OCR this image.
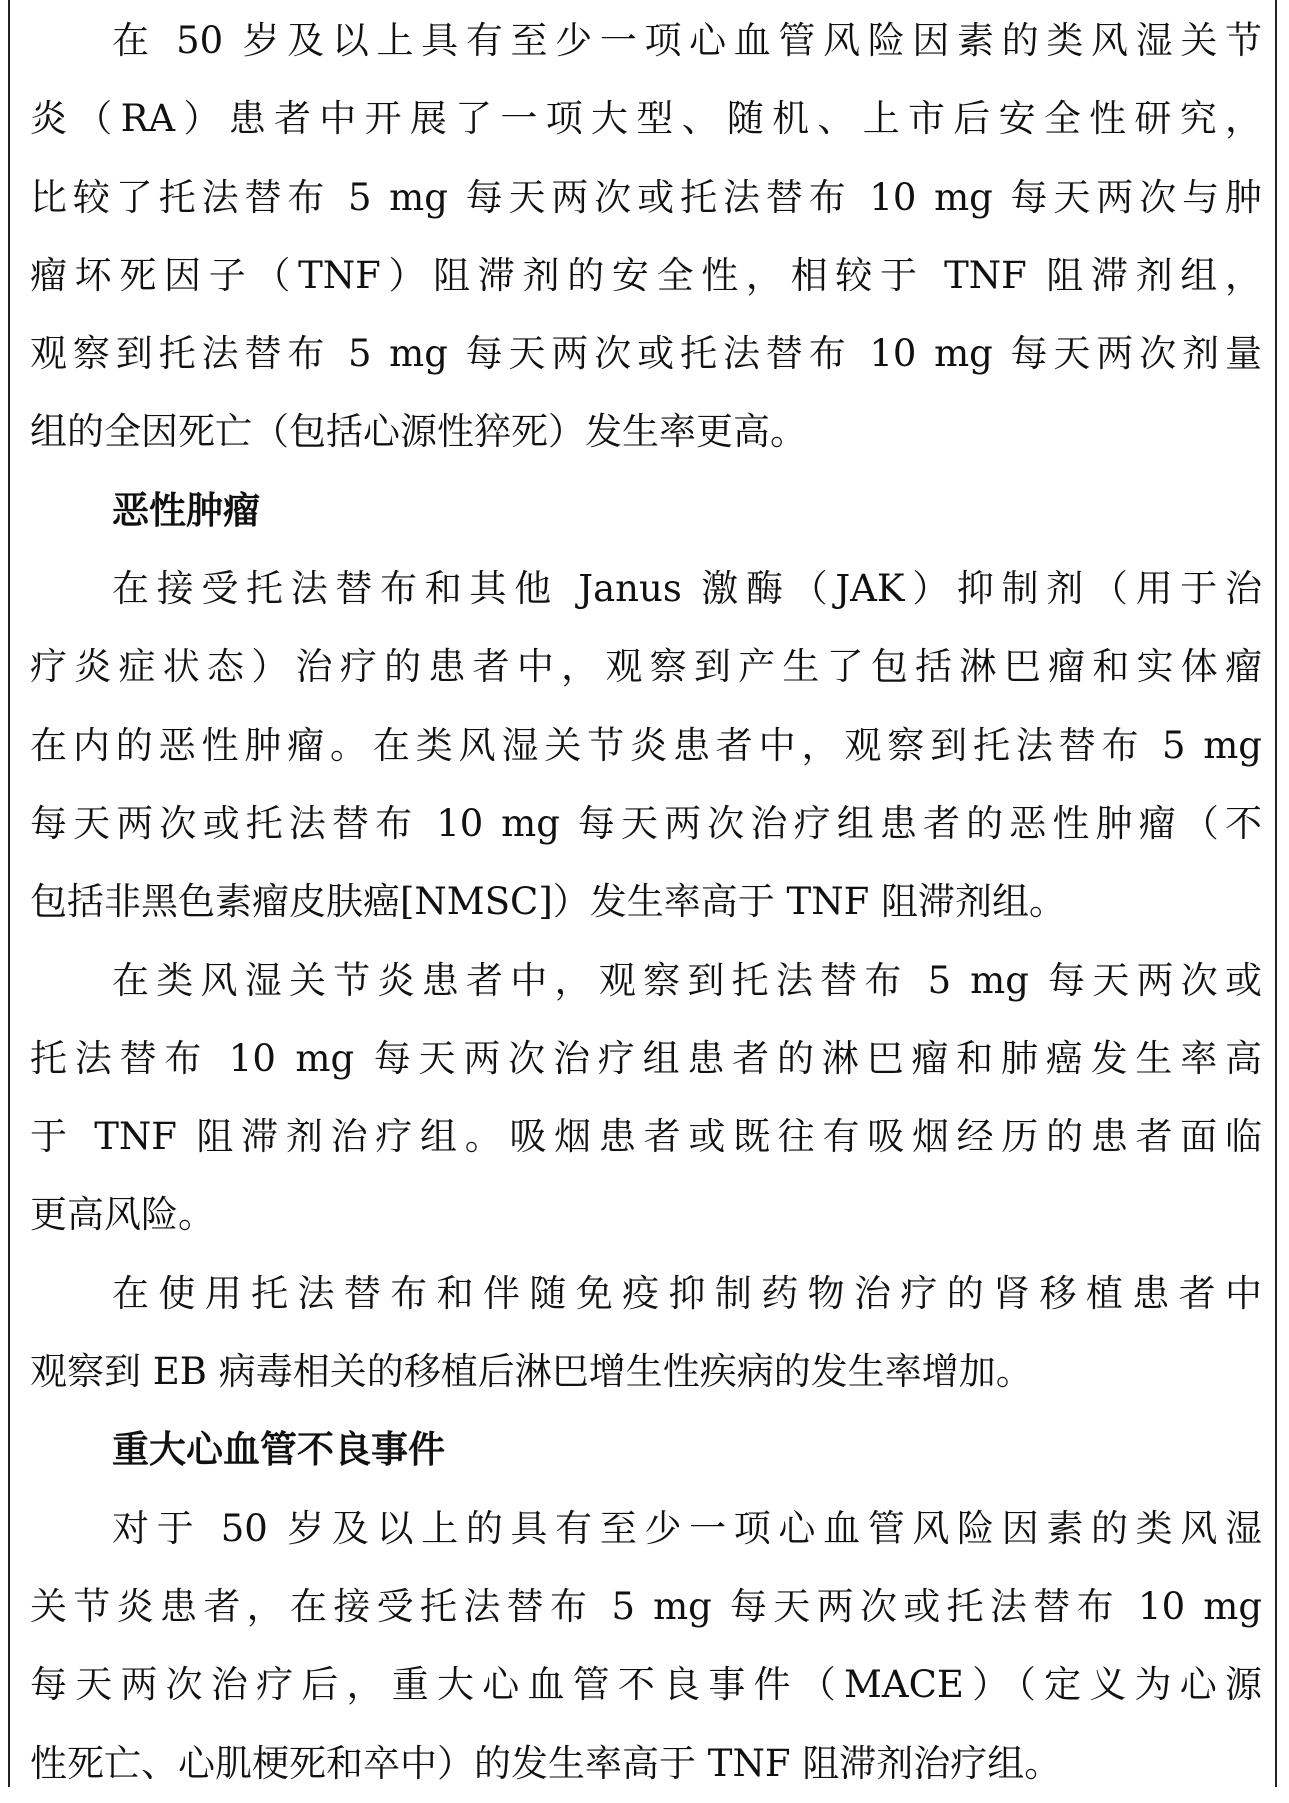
在 50 岁及以上具有至少一项心血管风险因素的类风湿关节
炎（RA）患者中开展了一项大型、随机、上市后安全性研究，
比较了托法替布 5 mg 每天两次或托法替布 10 mg 每天两次与肿
瘤坏死因子（TNF）阻滞剂的安全性，相较于 TNF 阻滞剂组，
观察到托法替布 5 mg 每天两次或托法替布 10 mg 每天两次剂量
组的全因死亡（包括心源性猝死）发生率更高。
恶性肿瘤
在接受托法替布和其他 Janus 激酶（JAK）抑制剂（用于治
疗炎症状态）治疗的患者中，观察到产生了包括淋巴瘤和实体瘤
在内的恶性肿瘤。在类风湿关节炎患者中，观察到托法替布 5 mg
每天两次或托法替布 10 mg 每天两次治疗组患者的恶性肿瘤（不
包括非黑色素瘤皮肤癌[NMSC]）发生率高于 TNF 阻滞剂组。
在类风湿关节炎患者中，观察到托法替布 5 mg 每天两次或
托法替布 10 mg 每天两次治疗组患者的淋巴瘤和肺癌发生率高
于 TNF 阻滞剂治疗组。吸烟患者或既往有吸烟经历的患者面临
更高风险。
在使用托法替布和伴随免疫抑制药物治疗的肾移植患者中
观察到 EB 病毒相关的移植后淋巴增生性疾病的发生率增加。
重大心血管不良事件
对于 50 岁及以上的具有至少一项心血管风险因素的类风湿
关节炎患者，在接受托法替布 5 mg 每天两次或托法替布 10 mg
每天两次治疗后，重大心血管不良事件（MACE）（定义为心源
性死亡、心肌梗死和卒中）的发生率高于 TNF 阻滞剂治疗组。
